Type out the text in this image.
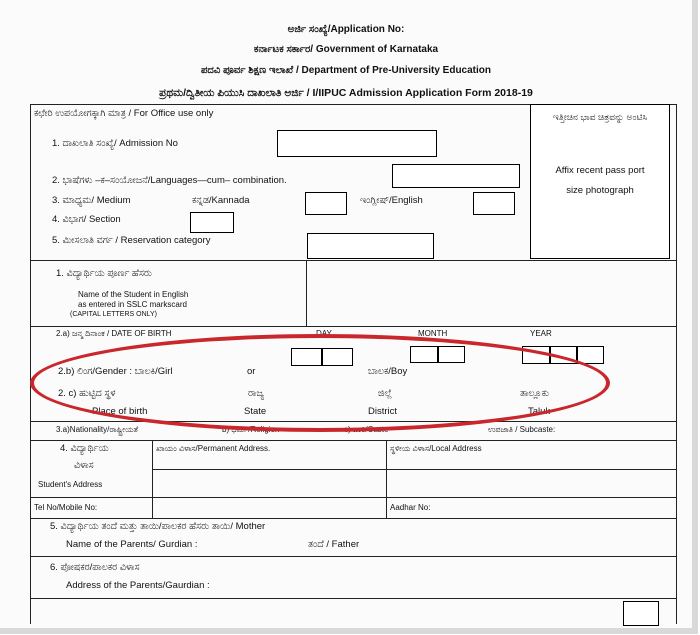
ಅರ್ಜಿ ಸಂಖ್ಯೆ/Application No:
ಕರ್ನಾಟಕ ಸರ್ಕಾರ/ Government of Karnataka
ಪದವಿ ಪೂರ್ವ ಶಿಕ್ಷಣ ಇಲಾಖೆ / Department of Pre-University Education
ಪ್ರಥಮ/ದ್ವಿತೀಯ ಪಿಯುಸಿ ದಾಖಲಾತಿ ಅರ್ಜಿ / I/IIPUC Admission Application Form 2018-19
ಕಛೇರಿ ಉಪಯೋಗಕ್ಕಾಗಿ ಮಾತ್ರ / For Office use only
1. ದಾಖಲಾತಿ ಸಂಖ್ಯೆ/ Admission No
2. ಭಾಷೆಗಳು –ಕ–ಸಂಯೋಜನೆ/Languages—cum– combination.
3. ಮಾಧ್ಯಮ/ Medium	ಕನ್ನಡ/Kannada	ಇಂಗ್ಲೀಷ್/English
4. ವಿಭಾಗ/ Section
5. ಮೀಸಲಾತಿ ವರ್ಗ / Reservation category
ಇತ್ತೀಚಿನ ಭಾವ ಚಿತ್ರವನ್ನು ಅಂಟಿಸಿ
Affix recent pass port size photograph
1. ವಿದ್ಯಾರ್ಥಿಯ ಪೂರ್ಣ ಹೆಸರು
Name of the Student in English
as entered in SSLC markscard
(CAPITAL LETTERS ONLY)
2.a) ಜನ್ಮ ದಿನಾಂಕ / DATE OF BIRTH	DAY	MONTH	YEAR
2.b) ಲಿಂಗ/Gender : ಬಾಲಕಿ/Girl	or	ಬಾಲಕ/Boy
2. c) ಹುಟ್ಟಿದ ಸ್ಥಳ	ರಾಜ್ಯ	ಜಿಲ್ಲೆ	ತಾಲ್ಲೂಕು
Place of birth	State	District	Taluk
3.a)Nationality/ರಾಷ್ಟ್ರೀಯತೆ	b) ಧರ್ಮ/Religion	c) ಜಾತಿ/Caste	ಉಪಜಾತಿ / Subcaste:
4. ವಿದ್ಯಾರ್ಥಿಯ
ವಿಳಾಸ
Student's Address
ಖಾಯಂ ವಿಳಾಸ/Permanent Address.	ಸ್ಥಳೀಯ ವಿಳಾಸ/Local Address
Tel No/Mobile No:	Aadhar No:
5. ವಿದ್ಯಾರ್ಥಿಯ ತಂದೆ ಮತ್ತು ತಾಯಿ/ಪಾಲಕರ ಹೆಸರು ತಾಯಿ/ Mother
Name of the Parents/ Gurdian :	ತಂದೆ / Father
6. ಪೋಷಕರ/ಪಾಲಕರ ವಿಳಾಸ
Address of the Parents/Gaurdian :
